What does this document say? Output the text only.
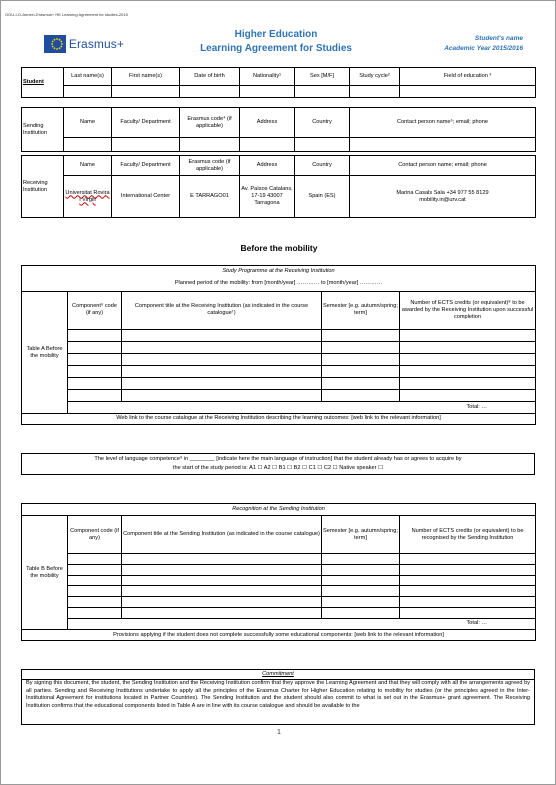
OOU-I-O-Annex\-Erasmus+ HE Learning Agreement for studies-2015
Erasmus+
Higher Education
Learning Agreement for Studies
Student's name
Academic Year 2015/2016
Student	Last name(s)	First name(s)	Date of birth	Nationality¹	Sex [M/F]	Study cycle²	Field of education ³

Sending Institution	Name	Faculty/ Department	Erasmus code⁴ (if applicable)	Address	Country	Contact person name⁵; email; phone

Receiving Institution	Name	Faculty/ Department	Erasmus code (if applicable)	Address	Country	Contact person name; email; phone
	Universitat Rovira i Virgili	International Center	E TARRAGO01	Av. Països Catalans, 17-19 43007 Tarragona	Spain (ES)	Marina Casals Sala +34 977 55 8129 mobility.in@urv.cat
Before the mobility
Study Programme at the Receiving Institution				
Planned period of the mobility: from [month/year] ………… to [month/year] …………				
Table A Before the mobility	Component⁶ code (if any)	Component title at the Receiving Institution (as indicated in the course catalogue⁷)	Semester [e.g. autumn/spring; term]	Number of ECTS credits (or equivalent)⁸ to be awarded by the Receiving Institution upon successful completion

				Total: …
Web link to the course catalogue at the Receiving Institution describing the learning outcomes: [web link to the relevant information]				
The level of language competence⁹ in ________ [indicate here the main language of instruction] that the student already has or agrees to acquire by
the start of the study period is: A1 ☐ A2 ☐ B1 ☐ B2 ☐ C1 ☐ C2 ☐ Native speaker ☐
Recognition at the Sending Institution				
Table B Before the mobility	Component code (if any)	Component title at the Sending Institution (as indicated in the course catalogue)	Semester [e.g. autumn/spring; term]	Number of ECTS credits (or equivalent) to be recognised by the Sending Institution

				Total: …
Provisions applying if the student does not complete successfully some educational components: [web link to the relevant information]				
Commitment
By signing this document, the student, the Sending Institution and the Receiving Institution confirm that they approve the Learning Agreement and that they will comply with all the arrangements agreed by all parties. Sending and Receiving Institutions undertake to apply all the principles of the Erasmus Charter for Higher Education relating to mobility for studies (or the principles agreed in the Inter-Institutional Agreement for institutions located in Partner Countries). The Sending Institution and the student should also commit to what is set out in the Erasmus+ grant agreement. The Receiving Institution confirms that the educational components listed in Table A are in line with its course catalogue and should be available to the
1
